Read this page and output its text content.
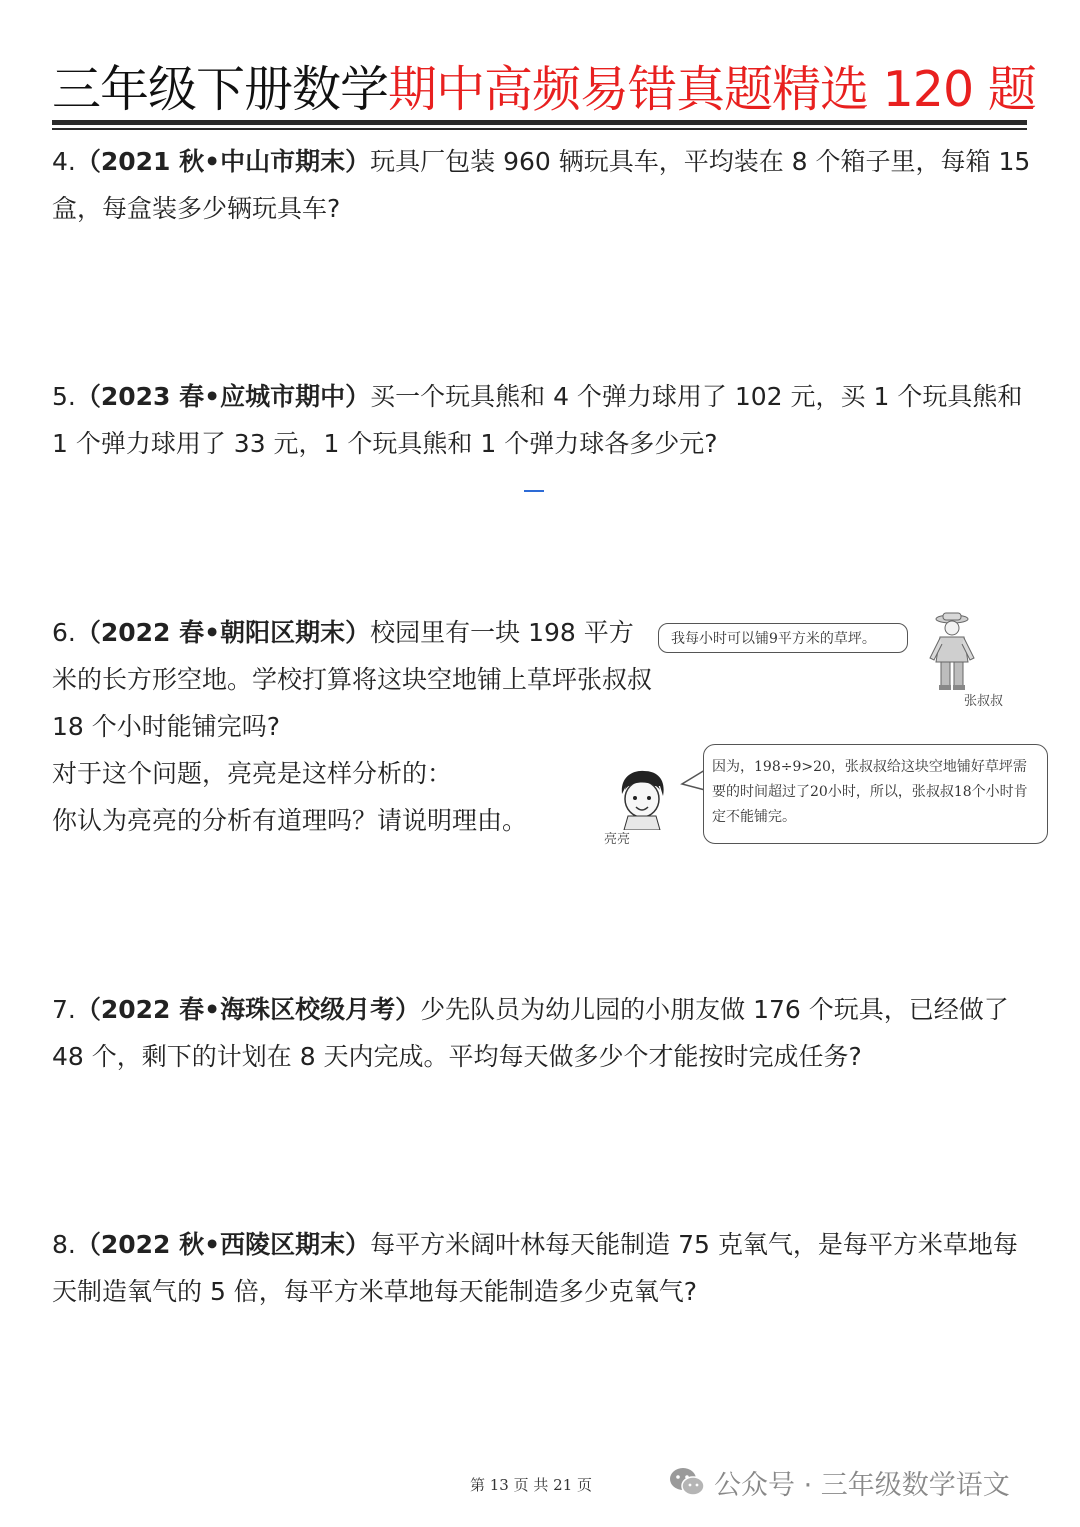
三年级下册数学期中高频易错真题精选 120 题
4.（2021 秋•中山市期末）玩具厂包装 960 辆玩具车，平均装在 8 个箱子里，每箱 15 盒，每盒装多少辆玩具车?
5.（2023 春•应城市期中）买一个玩具熊和 4 个弹力球用了 102 元，买 1 个玩具熊和 1 个弹力球用了 33 元，1 个玩具熊和 1 个弹力球各多少元?
6.（2022 春•朝阳区期末）校园里有一块 198 平方米的长方形空地。学校打算将这块空地铺上草坪张叔叔 18 个小时能铺完吗?
对于这个问题，亮亮是这样分析的：
你认为亮亮的分析有道理吗？请说明理由。
我每小时可以铺9平方米的草坪。
张叔叔
亮亮
因为，198÷9>20，张叔叔给这块空地铺好草坪需要的时间超过了20小时，所以，张叔叔18个小时肯定不能铺完。
7.（2022 春•海珠区校级月考）少先队员为幼儿园的小朋友做 176 个玩具，已经做了 48 个，剩下的计划在 8 天内完成。平均每天做多少个才能按时完成任务?
8.（2022 秋•西陵区期末）每平方米阔叶林每天能制造 75 克氧气，是每平方米草地每天制造氧气的 5 倍，每平方米草地每天能制造多少克氧气?
第 13 页 共 21 页	公众号 · 三年级数学语文
